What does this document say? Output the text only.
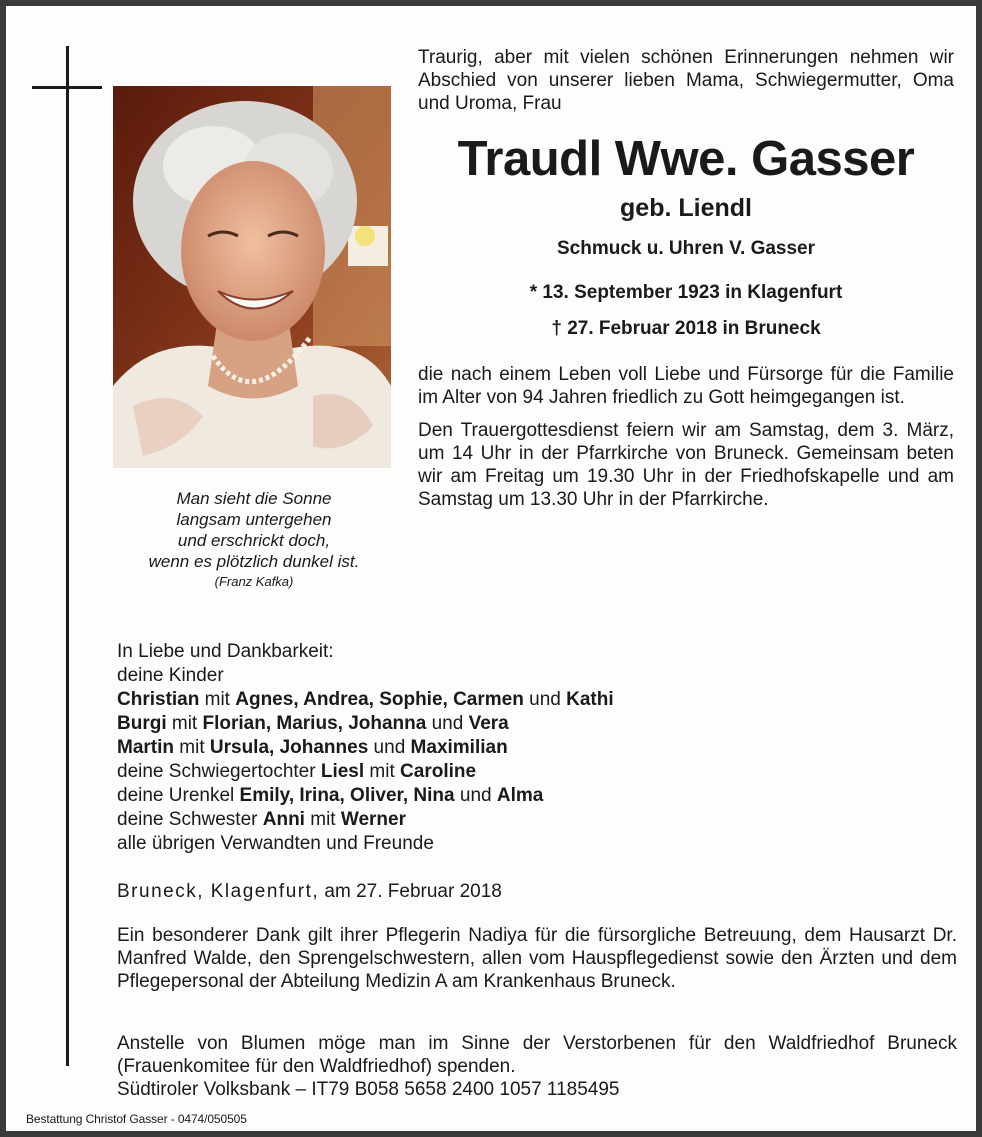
Man sieht die Sonne
langsam untergehen
und erschrickt doch,
wenn es plötzlich dunkel ist.
(Franz Kafka)
Traurig, aber mit vielen schönen Erinnerungen nehmen wir Abschied von unserer lieben Mama, Schwiegermutter, Oma und Uroma, Frau
Traudl Wwe. Gasser
geb. Liendl
Schmuck u. Uhren V. Gasser
* 13. September 1923 in Klagenfurt
† 27. Februar 2018 in Bruneck
die nach einem Leben voll Liebe und Fürsorge für die Familie im Alter von 94 Jahren friedlich zu Gott heimgegangen ist.
Den Trauergottesdienst feiern wir am Samstag, dem 3. März, um 14 Uhr in der Pfarrkirche von Bruneck. Gemeinsam beten wir am Freitag um 19.30 Uhr in der Friedhofskapelle und am Samstag um 13.30 Uhr in der Pfarrkirche.
In Liebe und Dankbarkeit:
deine Kinder
Christian mit Agnes, Andrea, Sophie, Carmen und Kathi
Burgi mit Florian, Marius, Johanna und Vera
Martin mit Ursula, Johannes und Maximilian
deine Schwiegertochter Liesl mit Caroline
deine Urenkel Emily, Irina, Oliver, Nina und Alma
deine Schwester Anni mit Werner
alle übrigen Verwandten und Freunde
Bruneck, Klagenfurt, am 27. Februar 2018
Ein besonderer Dank gilt ihrer Pflegerin Nadiya für die fürsorgliche Betreuung, dem Hausarzt Dr. Manfred Walde, den Sprengelschwestern, allen vom Hauspflegedienst sowie den Ärzten und dem Pflegepersonal der Abteilung Medizin A am Krankenhaus Bruneck.
Anstelle von Blumen möge man im Sinne der Verstorbenen für den Waldfriedhof Bruneck (Frauenkomitee für den Waldfriedhof) spenden.
Südtiroler Volksbank – IT79 B058 5658 2400 1057 1185495
Bestattung Christof Gasser - 0474/050505
